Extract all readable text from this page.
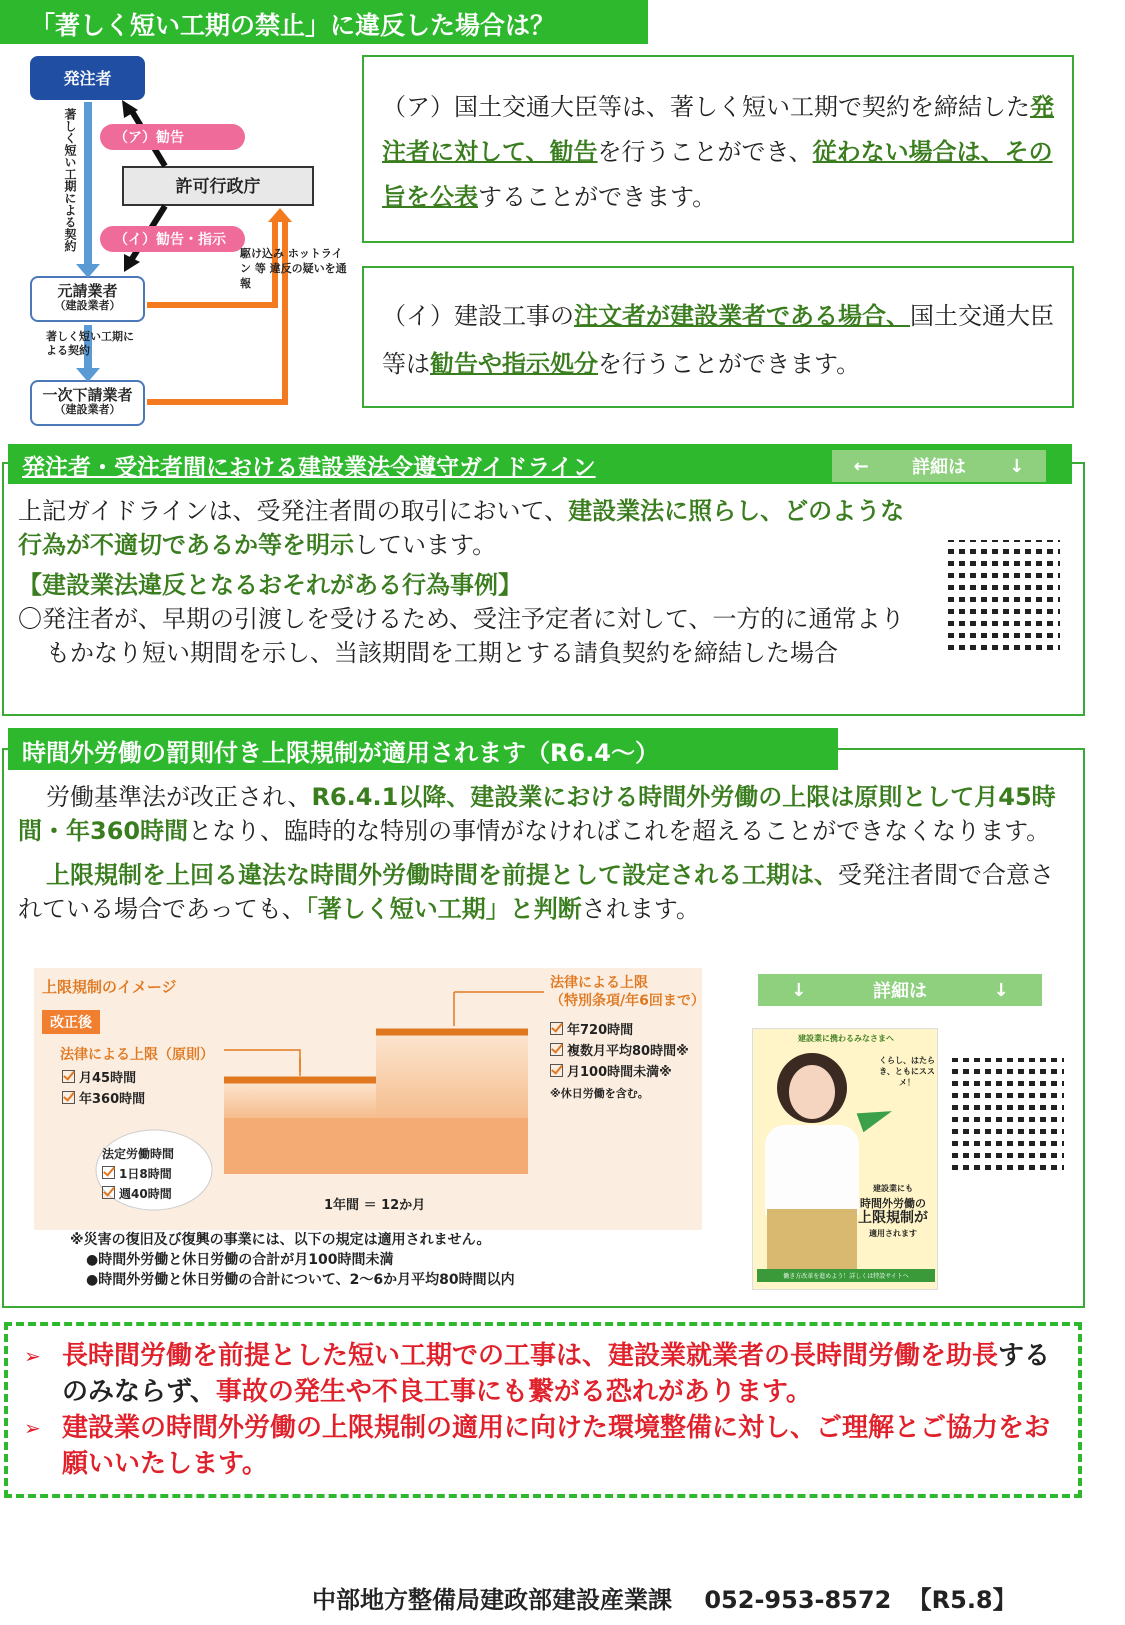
「著しく短い工期の禁止」に違反した場合は？
発注者
許可行政庁
元請業者
（建設業者）
一次下請業者
（建設業者）
（ア）勧告
（イ）勧告・指示
著しく短い工期による契約
著しく短い工期による契約
駆け込み ホットライン 等 違反の疑いを通報
（ア）国土交通大臣等は、著しく短い工期で契約を締結した発注者に対して、勧告を行うことができ、従わない場合は、その旨を公表することができます。
（イ）建設工事の注文者が建設業者である場合、国土交通大臣等は勧告や指示処分を行うことができます。
発注者・受注者間における建設業法令遵守ガイドライン	← 詳細は ↓
上記ガイドラインは、受発注者間の取引において、建設業法に照らし、どのような行為が不適切であるか等を明示しています。
【建設業法違反となるおそれがある行為事例】
〇発注者が、早期の引渡しを受けるため、受注予定者に対して、一方的に通常よりもかなり短い期間を示し、当該期間を工期とする請負契約を締結した場合
時間外労働の罰則付き上限規制が適用されます（R6.4～）
労働基準法が改正され、R6.4.1以降、建設業における時間外労働の上限は原則として月45時間・年360時間となり、臨時的な特別の事情がなければこれを超えることができなくなります。
上限規制を上回る違法な時間外労働時間を前提として設定される工期は、受発注者間で合意されている場合であっても、「著しく短い工期」と判断されます。
上限規制のイメージ
改正後
法律による上限（原則）
月45時間
年360時間
法律による上限
（特別条項/年6回まで）
年720時間
複数月平均80時間※
月100時間未満※
※休日労働を含む。
法定労働時間
1日8時間
週40時間
1年間 ＝ 12か月
※災害の復旧及び復興の事業には、以下の規定は適用されません。
●時間外労働と休日労働の合計が月100時間未満
●時間外労働と休日労働の合計について、2～6か月平均80時間以内
↓	詳細は	↓
建設業に携わるみなさまへ
くらし、はたらき、ともにススメ！
建設業にも
時間外労働の
上限規制が
適用されます
働き方改革を進めよう！詳しくは特設サイトへ
➢ 長時間労働を前提とした短い工期での工事は、建設業就業者の長時間労働を助長するのみならず、事故の発生や不良工事にも繋がる恐れがあります。
➢ 建設業の時間外労働の上限規制の適用に向けた環境整備に対し、ご理解とご協力をお願いいたします。
中部地方整備局建政部建設産業課 052-953-8572 【R5.8】
